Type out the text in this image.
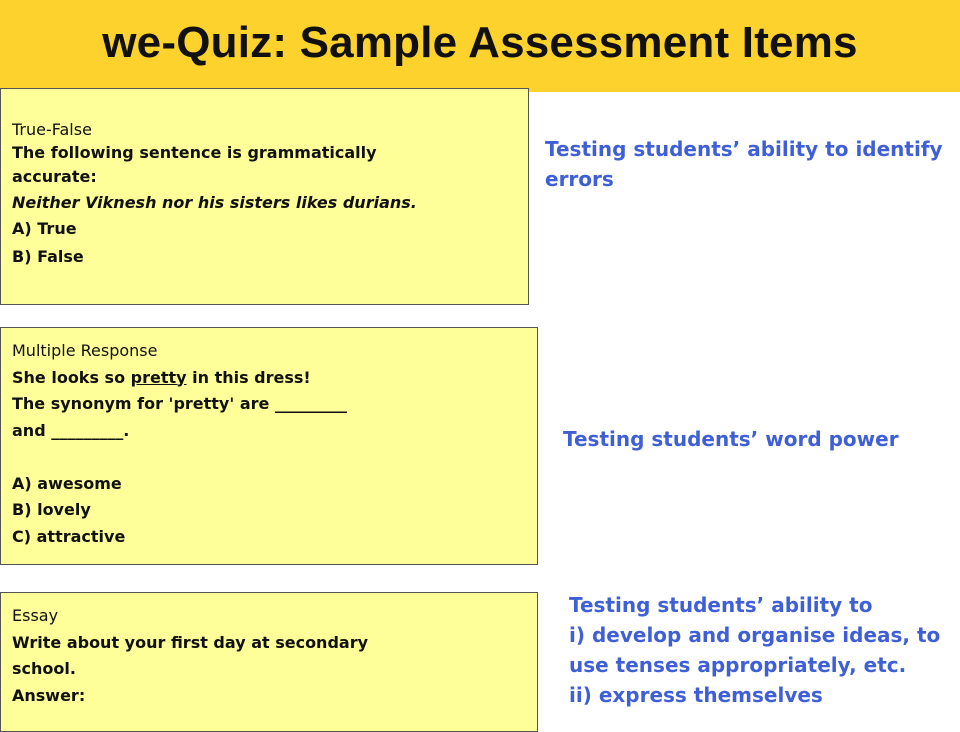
we-Quiz: Sample Assessment Items
True-False
The following sentence is grammatically
accurate:
Neither Viknesh nor his sisters likes durians.
A) True
B) False
Testing students’ ability to identify errors
Multiple Response
She looks so pretty in this dress!
The synonym for 'pretty' are _________
and _________.
A) awesome
B) lovely
C) attractive
Testing students’ word power
Essay
Write about your first day at secondary
school.
Answer:
Testing students’ ability to
i) develop and organise ideas, to
use tenses appropriately, etc.
ii) express themselves
